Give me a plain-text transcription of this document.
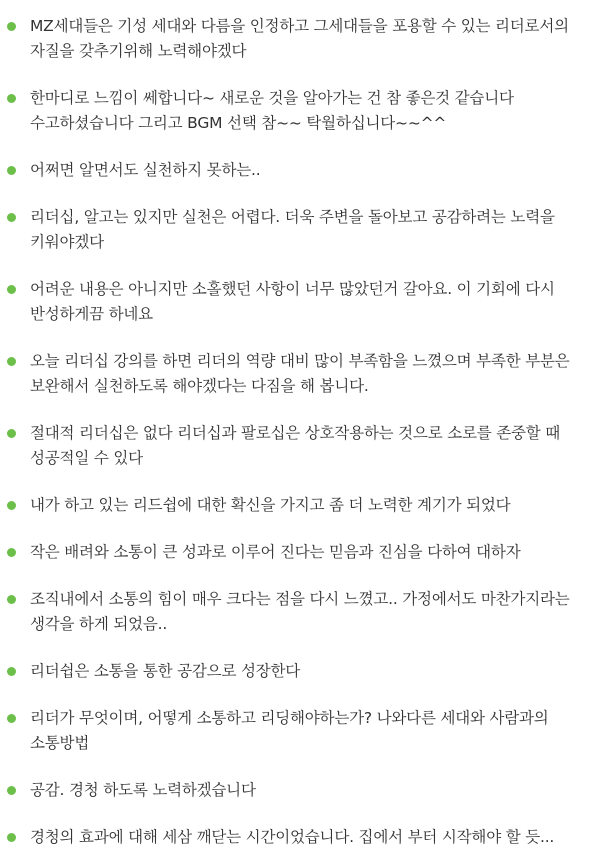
MZ세대들은 기성 세대와 다름을 인정하고 그세대들을 포용할 수 있는 리더로서의 자질을 갖추기위해 노력해야겠다
한마디로 느낌이 쎄합니다~ 새로운 것을 알아가는 건 참 좋은것 같습니다 수고하셨습니다 그리고 BGM 선택 참~~ 탁월하십니다~~^^
어쩌면 알면서도 실천하지 못하는..
리더십, 알고는 있지만 실천은 어렵다. 더욱 주변을 돌아보고 공감하려는 노력을 키워야겠다
어려운 내용은 아니지만 소홀했던 사항이 너무 많았던거 갈아요. 이 기회에 다시 반성하게끔 하네요
오늘 리더십 강의를 하면 리더의 역량 대비 많이 부족함을 느꼈으며 부족한 부분은 보완해서 실천하도록 해야겠다는 다짐을 해 봅니다.
절대적 리더십은 없다 리더십과 팔로십은 상호작용하는 것으로 소로를 존중할 때 성공적일 수 있다
내가 하고 있는 리드쉽에 대한 확신을 가지고 좀 더 노력한 계기가 되었다
작은 배려와 소통이 큰 성과로 이루어 진다는 믿음과 진심을 다하여 대하자
조직내에서 소통의 힘이 매우 크다는 점을 다시 느꼈고.. 가정에서도 마찬가지라는 생각을 하게 되었음..
리더쉽은 소통을 통한 공감으로 성장한다
리더가 무엇이며, 어떻게 소통하고 리딩해야하는가? 나와다른 세대와 사람과의 소통방법
공감. 경청 하도록 노력하겠습니다
경청의 효과에 대해 세삼 깨닫는 시간이었습니다. 집에서 부터 시작해야 할 듯...
